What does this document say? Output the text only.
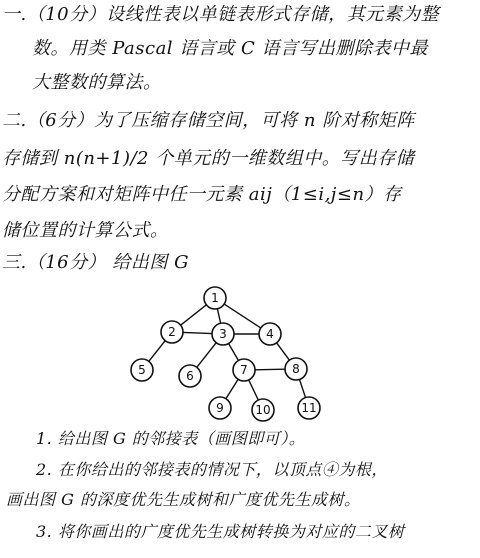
一.（10分）设线性表以单链表形式存储，其元素为整
数。用类 Pascal 语言或 C 语言写出删除表中最
大整数的算法。
二.（6分）为了压缩存储空间，可将 n 阶对称矩阵
存储到 n(n+1)/2 个单元的一维数组中。写出存储
分配方案和对矩阵中任一元素 aij（1≤i,j≤n）存
储位置的计算公式。
三.（16分） 给出图 G
1
2	3	4
5	6	7	8
9	10	11
1. 给出图 G 的邻接表（画图即可）。
2. 在你给出的邻接表的情况下，以顶点④为根，
画出图 G 的深度优先生成树和广度优先生成树。
3. 将你画出的广度优先生成树转换为对应的二叉树
